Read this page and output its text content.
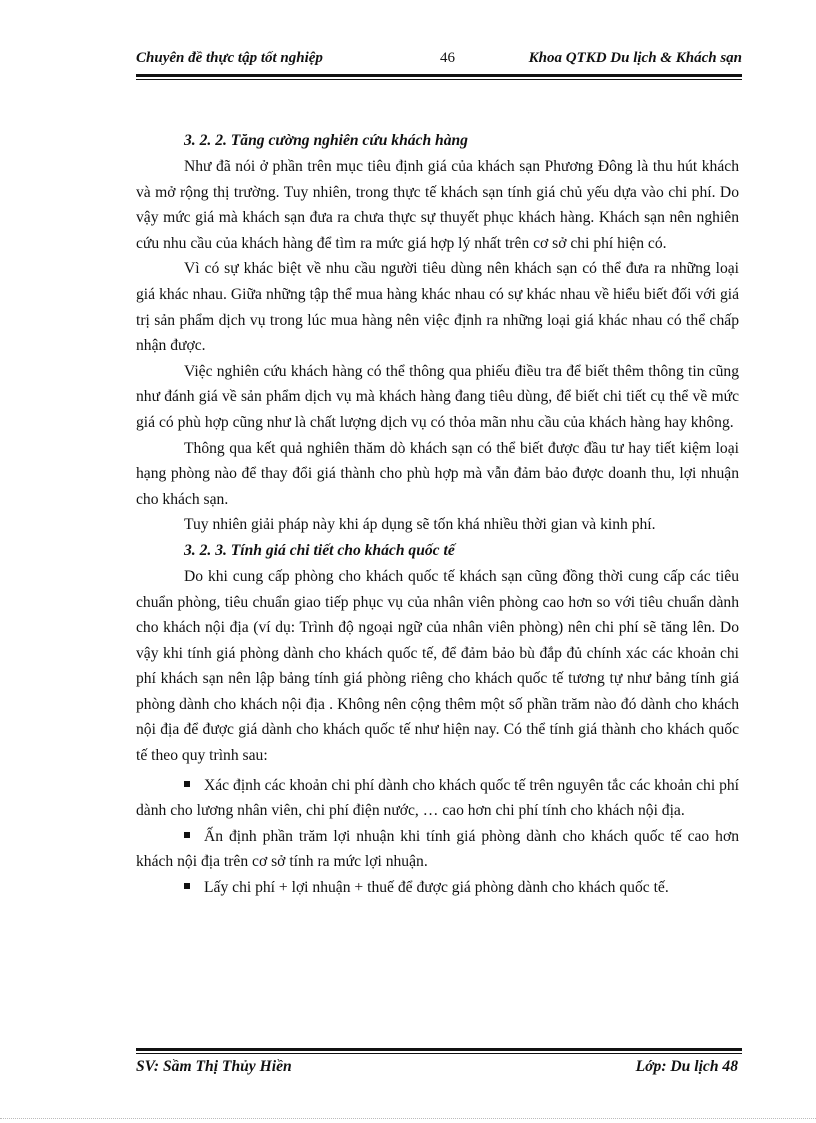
Chuyên đề thực tập tốt nghiệp	46	Khoa QTKD Du lịch & Khách sạn
3. 2. 2. Tăng cường nghiên cứu khách hàng

Như đã nói ở phần trên mục tiêu định giá của khách sạn Phương Đông là thu hút khách và mở rộng thị trường. Tuy nhiên, trong thực tế khách sạn tính giá chủ yếu dựa vào chi phí. Do vậy mức giá mà khách sạn đưa ra chưa thực sự thuyết phục khách hàng. Khách sạn nên nghiên cứu nhu cầu của khách hàng để tìm ra mức giá hợp lý nhất trên cơ sở chi phí hiện có.

Vì có sự khác biệt về nhu cầu người tiêu dùng nên khách sạn có thể đưa ra những loại giá khác nhau. Giữa những tập thể mua hàng khác nhau có sự khác nhau về hiểu biết đối với giá trị sản phẩm dịch vụ trong lúc mua hàng nên việc định ra những loại giá khác nhau có thể chấp nhận được.

Việc nghiên cứu khách hàng có thể thông qua phiếu điều tra để biết thêm thông tin cũng như đánh giá về sản phẩm dịch vụ mà khách hàng đang tiêu dùng, để biết chi tiết cụ thể về mức giá có phù hợp cũng như là chất lượng dịch vụ có thỏa mãn nhu cầu của khách hàng hay không.

Thông qua kết quả nghiên thăm dò khách sạn có thể biết được đầu tư hay tiết kiệm loại hạng phòng nào để thay đổi giá thành cho phù hợp mà vẫn đảm bảo được doanh thu, lợi nhuận cho khách sạn.

Tuy nhiên giải pháp này khi áp dụng sẽ tốn khá nhiều thời gian và kinh phí.

3. 2. 3. Tính giá chi tiết cho khách quốc tế

Do khi cung cấp phòng cho khách quốc tế khách sạn cũng đồng thời cung cấp các tiêu chuẩn phòng, tiêu chuẩn giao tiếp phục vụ của nhân viên phòng cao hơn so với tiêu chuẩn dành cho khách nội địa (ví dụ: Trình độ ngoại ngữ của nhân viên phòng) nên chi phí sẽ tăng lên. Do vậy khi tính giá phòng dành cho khách quốc tế, để đảm bảo bù đắp đủ chính xác các khoản chi phí khách sạn nên lập bảng tính giá phòng riêng cho khách quốc tế tương tự như bảng tính giá phòng dành cho khách nội địa . Không nên cộng thêm một số phần trăm nào đó dành cho khách nội địa để được giá dành cho khách quốc tế như hiện nay. Có thể tính giá thành cho khách quốc tế theo quy trình sau:

Xác định các khoản chi phí dành cho khách quốc tế trên nguyên tắc các khoản chi phí dành cho lương nhân viên, chi phí điện nước, … cao hơn chi phí tính cho khách nội địa.

Ấn định phần trăm lợi nhuận khi tính giá phòng dành cho khách quốc tế cao hơn khách nội địa trên cơ sở tính ra mức lợi nhuận.

Lấy chi phí + lợi nhuận + thuế để được giá phòng dành cho khách quốc tế.

SV: Sầm Thị Thủy Hiền	Lớp: Du lịch 48
